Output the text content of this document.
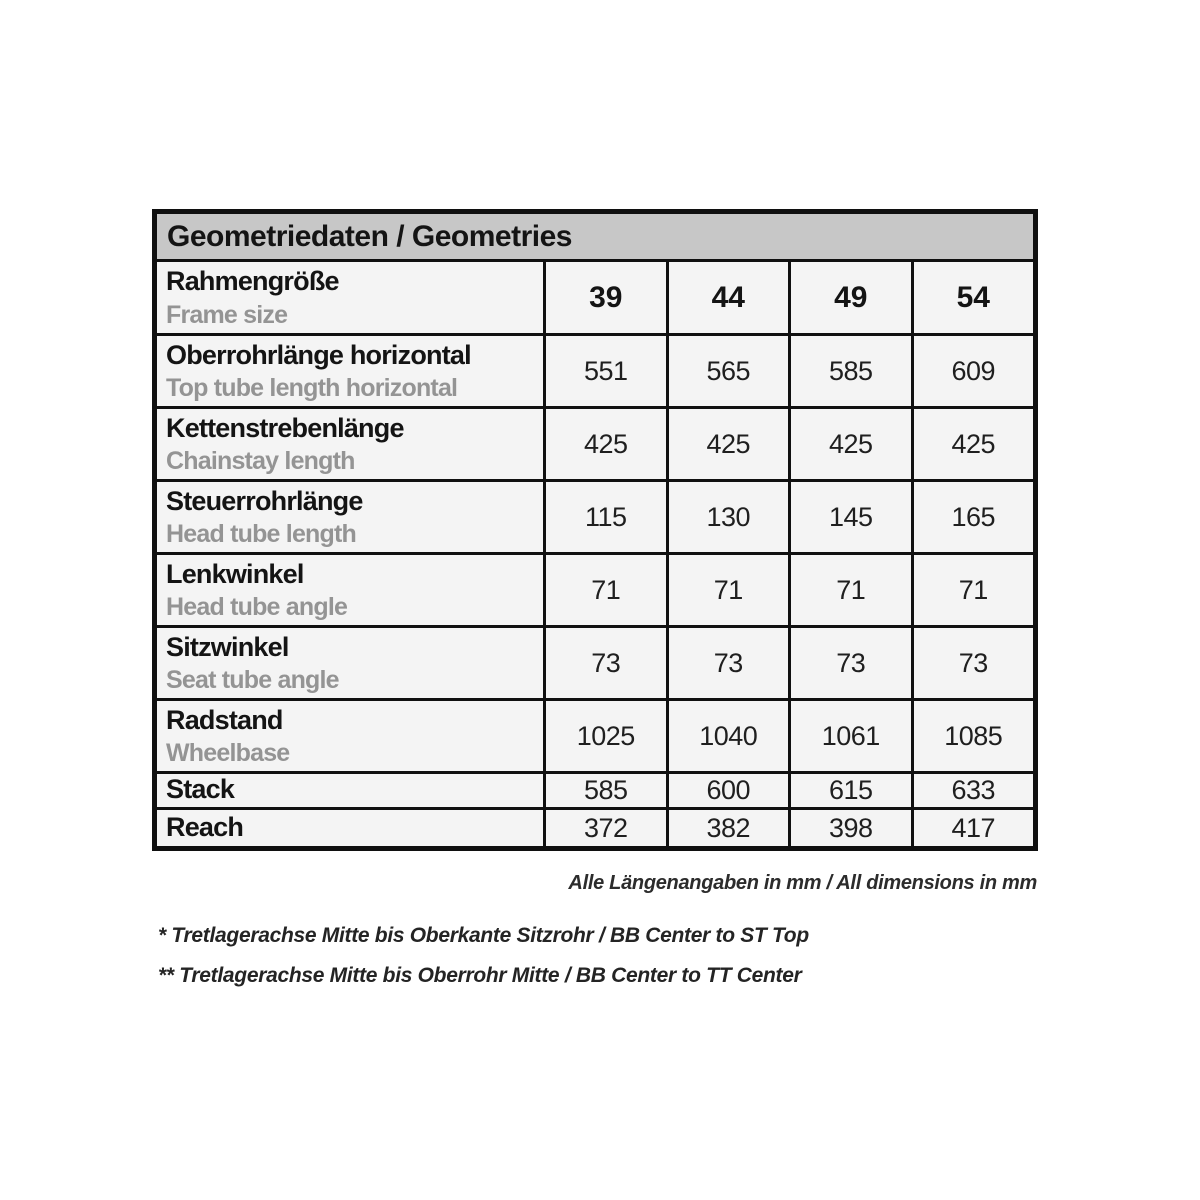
Geometriedaten / Geometries
Rahmengröße
Frame size
39	44	49	54
Oberrohrlänge horizontal
Top tube length horizontal
551	565	585	609
Kettenstrebenlänge
Chainstay length
425	425	425	425
Steuerrohrlänge
Head tube length
115	130	145	165
Lenkwinkel
Head tube angle
71	71	71	71
Sitzwinkel
Seat tube angle
73	73	73	73
Radstand
Wheelbase
1025	1040	1061	1085
Stack	585	600	615	633
Reach	372	382	398	417
Alle Längenangaben in mm / All dimensions in mm
* Tretlagerachse Mitte bis Oberkante Sitzrohr / BB Center to ST Top
** Tretlagerachse Mitte bis Oberrohr Mitte / BB Center to TT Center
